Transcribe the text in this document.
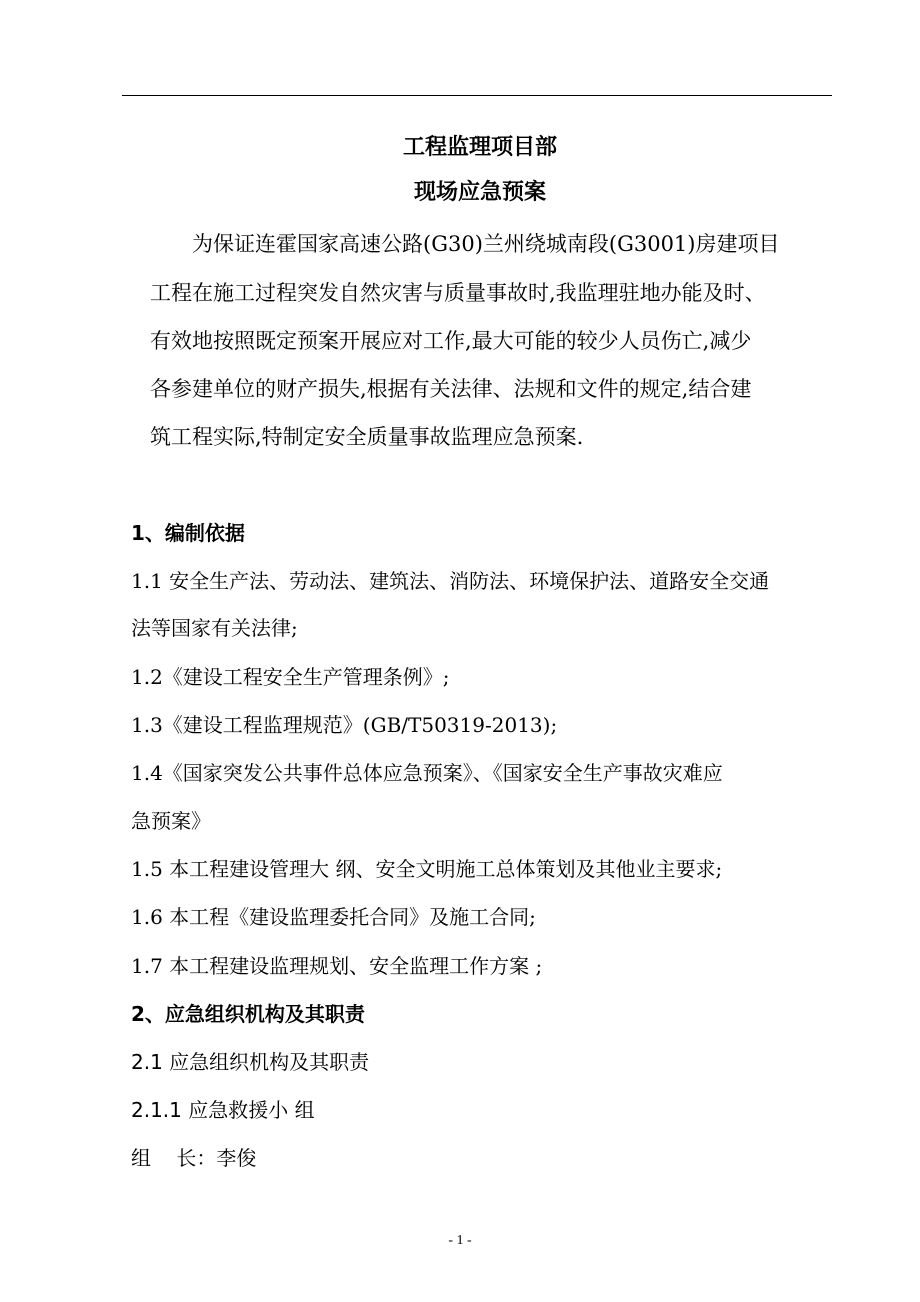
工程监理项目部
现场应急预案
为保证连霍国家高速公路(G30)兰州绕城南段(G3001)房建项目
工程在施工过程突发自然灾害与质量事故时,我监理驻地办能及时、
有效地按照既定预案开展应对工作,最大可能的较少人员伤亡,减少
各参建单位的财产损失,根据有关法律、法规和文件的规定,结合建
筑工程实际,特制定安全质量事故监理应急预案.
1、编制依据
1.1 安全生产法、劳动法、建筑法、消防法、环境保护法、道路安全交通
法等国家有关法律;
1.2《建设工程安全生产管理条例》;
1.3《建设工程监理规范》(GB/T50319-2013);
1.4《国家突发公共事件总体应急预案》、《国家安全生产事故灾难应
急预案》
1.5 本工程建设管理大 纲、安全文明施工总体策划及其他业主要求;
1.6 本工程《建设监理委托合同》及施工合同;
1.7 本工程建设监理规划、安全监理工作方案 ;
2、应急组织机构及其职责
2.1 应急组织机构及其职责
2.1.1 应急救援小 组
组    长：李俊
- 1 -
